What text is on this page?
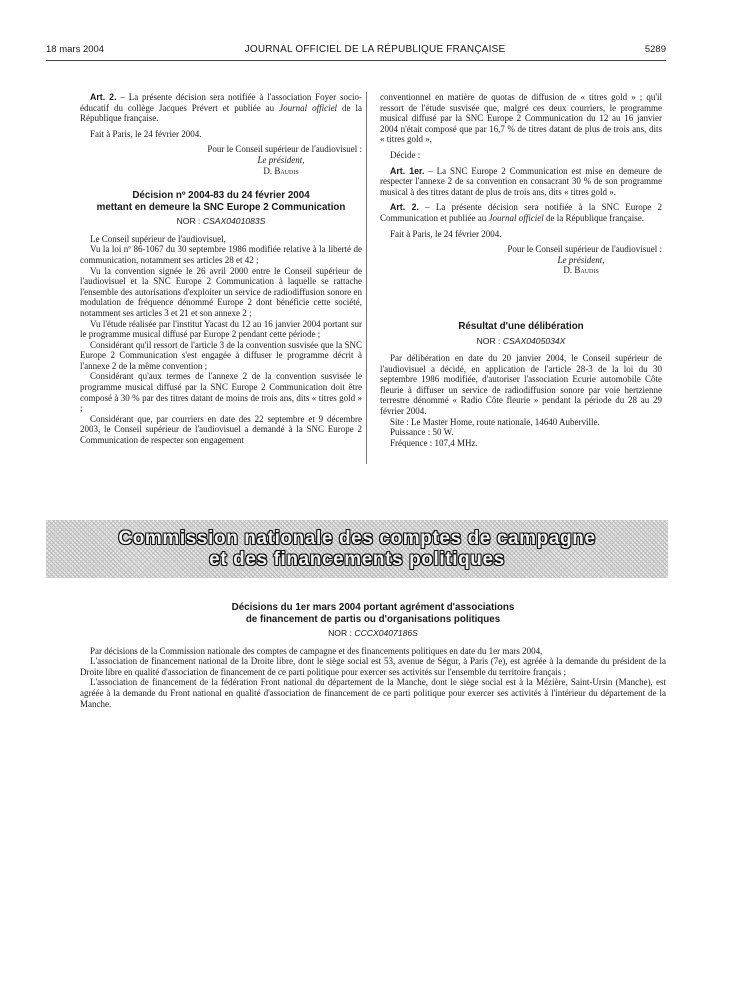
18 mars 2004	JOURNAL OFFICIEL DE LA RÉPUBLIQUE FRANÇAISE	5289

Art. 2. – La présente décision sera notifiée à l'association Foyer socio-éducatif du collège Jacques Prévert et publiée au Journal officiel de la République française.

Fait à Paris, le 24 février 2004.

Pour le Conseil supérieur de l'audiovisuel :

Le président,

D. Baudis

Décision nº 2004-83 du 24 février 2004
mettant en demeure la SNC Europe 2 Communication
NOR : CSAX0401083S

Le Conseil supérieur de l'audiovisuel,

Vu la loi nº 86-1067 du 30 septembre 1986 modifiée relative à la liberté de communication, notamment ses articles 28 et 42 ;

Vu la convention signée le 26 avril 2000 entre le Conseil supérieur de l'audiovisuel et la SNC Europe 2 Communication à laquelle se rattache l'ensemble des autorisations d'exploiter un service de radiodiffusion sonore en modulation de fréquence dénommé Europe 2 dont bénéficie cette société, notamment ses articles 3 et 21 et son annexe 2 ;

Vu l'étude réalisée par l'institut Yacast du 12 au 16 janvier 2004 portant sur le programme musical diffusé par Europe 2 pendant cette période ;

Considérant qu'il ressort de l'article 3 de la convention susvisée que la SNC Europe 2 Communication s'est engagée à diffuser le programme décrit à l'annexe 2 de la même convention ;

Considérant qu'aux termes de l'annexe 2 de la convention susvisée le programme musical diffusé par la SNC Europe 2 Communication doit être composé à 30 % par des titres datant de moins de trois ans, dits « titres gold » ;

Considérant que, par courriers en date des 22 septembre et 9 décembre 2003, le Conseil supérieur de l'audiovisuel a demandé à la SNC Europe 2 Communication de respecter son engagement

conventionnel en matière de quotas de diffusion de « titres gold » ; qu'il ressort de l'étude susvisée que, malgré ces deux courriers, le programme musical diffusé par la SNC Europe 2 Communication du 12 au 16 janvier 2004 n'était composé que par 16,7 % de titres datant de plus de trois ans, dits « titres gold »,

Décide :

Art. 1er. – La SNC Europe 2 Communication est mise en demeure de respecter l'annexe 2 de sa convention en consacrant 30 % de son programme musical à des titres datant de plus de trois ans, dits « titres gold ».

Art. 2. – La présente décision sera notifiée à la SNC Europe 2 Communication et publiée au Journal officiel de la République française.

Fait à Paris, le 24 février 2004.

Pour le Conseil supérieur de l'audiovisuel :

Le président,

D. Baudis

Résultat d'une délibération
NOR : CSAX0405034X

Par délibération en date du 20 janvier 2004, le Conseil supérieur de l'audiovisuel a décidé, en application de l'article 28-3 de la loi du 30 septembre 1986 modifiée, d'autoriser l'association Ecurie automobile Côte fleurie à diffuser un service de radiodiffusion sonore par voie hertzienne terrestre dénommé « Radio Côte fleurie » pendant la période du 28 au 29 février 2004.

Site : Le Master Home, route nationale, 14640 Auberville.

Puissance : 50 W.

Fréquence : 107,4 MHz.

Commission nationale des comptes de campagne
et des financements politiques
Décisions du 1er mars 2004 portant agrément d'associations
de financement de partis ou d'organisations politiques
NOR : CCCX0407186S

Par décisions de la Commission nationale des comptes de campagne et des financements politiques en date du 1er mars 2004,

L'association de financement national de la Droite libre, dont le siège social est 53, avenue de Ségur, à Paris (7e), est agréée à la demande du président de la Droite libre en qualité d'association de financement de ce parti politique pour exercer ses activités sur l'ensemble du territoire français ;

L'association de financement de la fédération Front national du département de la Manche, dont le siège social est à la Mézière, Saint-Ursin (Manche), est agréée à la demande du Front national en qualité d'association de financement de ce parti politique pour exercer ses activités à l'intérieur du département de la Manche.
